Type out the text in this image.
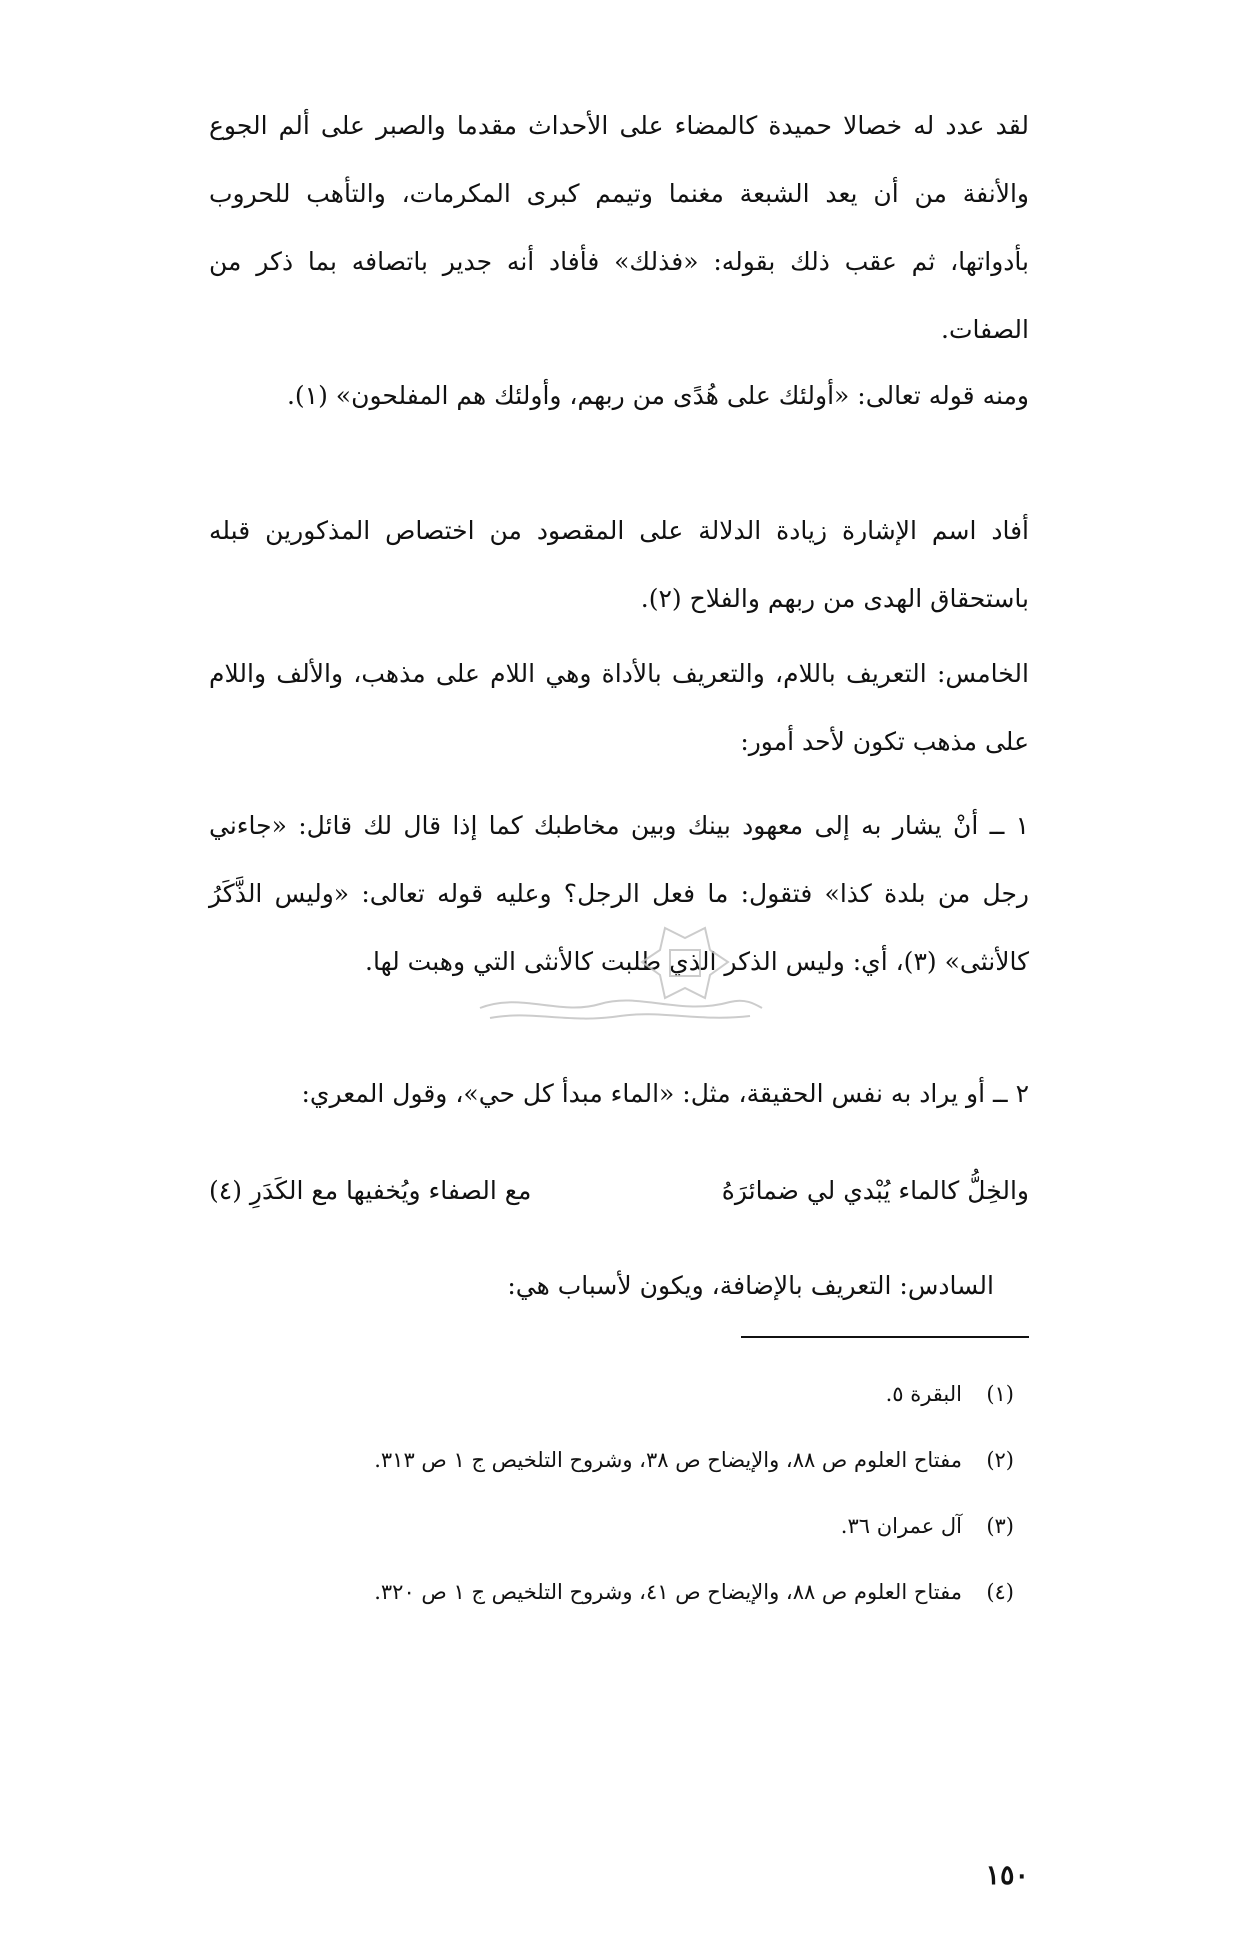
لقد عدد له خصالا حميدة كالمضاء على الأحداث مقدما والصبر على ألم الجوع والأنفة من أن يعد الشبعة مغنما وتيمم كبرى المكرمات، والتأهب للحروب بأدواتها، ثم عقب ذلك بقوله: «فذلك» فأفاد أنه جدير باتصافه بما ذكر من الصفات.

ومنه قوله تعالى: «أولئك على هُدًى من ربهم، وأولئك هم المفلحون» (١).

أفاد اسم الإشارة زيادة الدلالة على المقصود من اختصاص المذكورين قبله باستحقاق الهدى من ربهم والفلاح (٢).

الخامس: التعريف باللام، والتعريف بالأداة وهي اللام على مذهب، والألف واللام على مذهب تكون لأحد أمور:

١ ــ أنْ يشار به إلى معهود بينك وبين مخاطبك كما إذا قال لك قائل: «جاءني رجل من بلدة كذا» فتقول: ما فعل الرجل؟ وعليه قوله تعالى: «وليس الذَّكَرُ كالأنثى» (٣)، أي: وليس الذكر الذي طلبت كالأنثى التي وهبت لها.

٢ ــ أو يراد به نفس الحقيقة، مثل: «الماء مبدأ كل حي»، وقول المعري:

والخِلُّ كالماء يُبْدي لي ضمائرَهُ
مع الصفاء ويُخفيها مع الكَدَرِ (٤)

السادس: التعريف بالإضافة، ويكون لأسباب هي:

(١)
البقرة ٥.

(٢)
مفتاح العلوم ص ٨٨، والإيضاح ص ٣٨، وشروح التلخيص ج ١ ص ٣١٣.

(٣)
آل عمران ٣٦.

(٤)
مفتاح العلوم ص ٨٨، والإيضاح ص ٤١، وشروح التلخيص ج ١ ص ٣٢٠.

١٥٠
